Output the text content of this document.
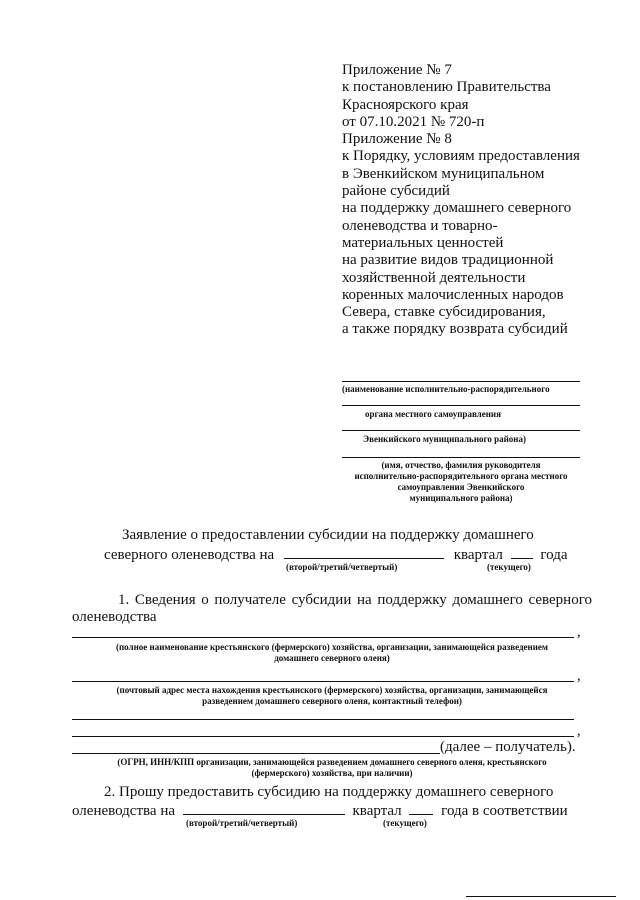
Приложение № 7
к постановлению Правительства
Красноярского края
от 07.10.2021 № 720-п
Приложение № 8
к Порядку, условиям предоставления
в Эвенкийском муниципальном
районе субсидий
на поддержку домашнего северного
оленеводства и товарно-
материальных ценностей
на развитие видов традиционной
хозяйственной деятельности
коренных малочисленных народов
Севера, ставке субсидирования,
а также порядку возврата субсидий
(наименование исполнительно-распорядительного
органа местного самоуправления
Эвенкийского муниципального района)
(имя, отчество, фамилия руководителя
исполнительно-распорядительного органа местного
самоуправления Эвенкийского
муниципального района)
Заявление о предоставлении субсидии на поддержку домашнего
северного оленеводства на	квартал	года
(второй/третий/четвертый)	(текущего)
1. Сведения о получателе субсидии на поддержку домашнего северного
оленеводства
,
(полное наименование крестьянского (фермерского) хозяйства, организации, занимающейся разведением
домашнего северного оленя)
,
(почтовый адрес места нахождения крестьянского (фермерского) хозяйства, организации, занимающейся
разведением домашнего северного оленя, контактный телефон)
,
(далее – получатель).
(ОГРН, ИНН/КПП организации, занимающейся разведением домашнего северного оленя, крестьянского
(фермерского) хозяйства, при наличии)
2. Прошу предоставить субсидию на поддержку домашнего северного
оленеводства на	квартал	года в соответствии
(второй/третий/четвертый)	(текущего)
